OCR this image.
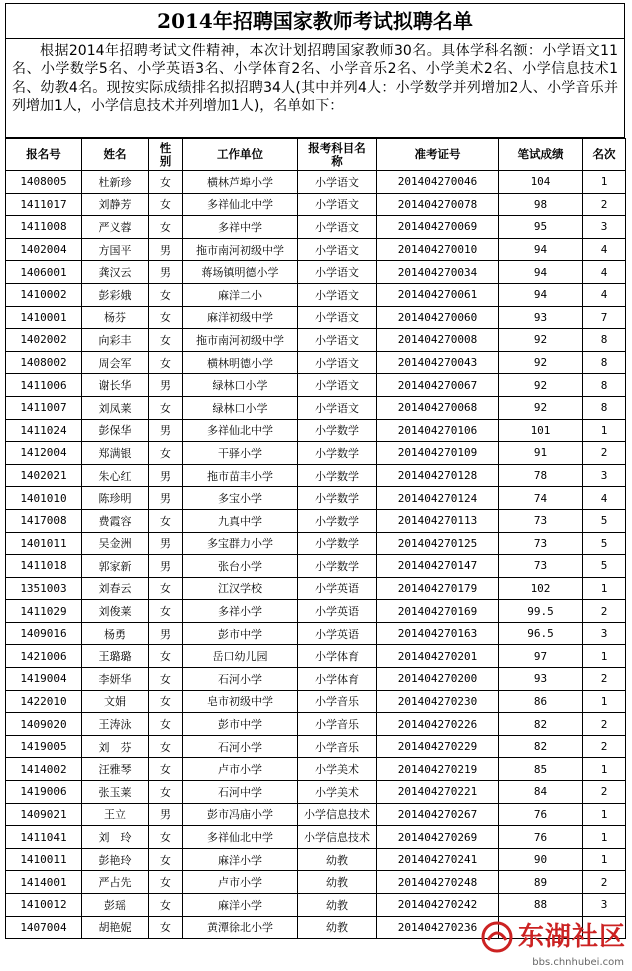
2014年招聘国家教师考试拟聘名单
根据2014年招聘考试文件精神，本次计划招聘国家教师30名。具体学科名额：小学语文11名、小学数学5名、小学英语3名、小学体育2名、小学音乐2名、小学美术2名、小学信息技术1名、幼教4名。现按实际成绩排名拟招聘34人(其中并列4人：小学数学并列增加2人、小学音乐并列增加1人，小学信息技术并列增加1人)，名单如下：
报名号	姓名	性别	工作单位	报考科目名称	准考证号	笔试成绩	名次
1408005	杜新珍	女	横林芦埠小学	小学语文	201404270046	104	1
1411017	刘静芳	女	多祥仙北中学	小学语文	201404270078	98	2
1411008	严义蓉	女	多祥中学	小学语文	201404270069	95	3
1402004	方国平	男	拖市南河初级中学	小学语文	201404270010	94	4
1406001	龚汉云	男	蒋场镇明德小学	小学语文	201404270034	94	4
1410002	彭彩娥	女	麻洋二小	小学语文	201404270061	94	4
1410001	杨芬	女	麻洋初级中学	小学语文	201404270060	93	7
1402002	向彩丰	女	拖市南河初级中学	小学语文	201404270008	92	8
1408002	周会军	女	横林明德小学	小学语文	201404270043	92	8
1411006	谢长华	男	绿林口小学	小学语文	201404270067	92	8
1411007	刘凤莱	女	绿林口小学	小学语文	201404270068	92	8
1411024	彭保华	男	多祥仙北中学	小学数学	201404270106	101	1
1412004	郑满银	女	干驿小学	小学数学	201404270109	91	2
1402021	朱心红	男	拖市苗丰小学	小学数学	201404270128	78	3
1401010	陈珍明	男	多宝小学	小学数学	201404270124	74	4
1417008	费霞容	女	九真中学	小学数学	201404270113	73	5
1401011	吴金洲	男	多宝群力小学	小学数学	201404270125	73	5
1411018	郭家新	男	张台小学	小学数学	201404270147	73	5
1351003	刘春云	女	江汉学校	小学英语	201404270179	102	1
1411029	刘俊莱	女	多祥小学	小学英语	201404270169	99.5	2
1409016	杨勇	男	彭市中学	小学英语	201404270163	96.5	3
1421006	王璐璐	女	岳口幼儿园	小学体育	201404270201	97	1
1419004	李妍华	女	石河小学	小学体育	201404270200	93	2
1422010	文娟	女	皂市初级中学	小学音乐	201404270230	86	1
1409020	王涛泳	女	彭市中学	小学音乐	201404270226	82	2
1419005	刘　芬	女	石河小学	小学音乐	201404270229	82	2
1414002	汪雅琴	女	卢市小学	小学美术	201404270219	85	1
1419006	张玉莱	女	石河中学	小学美术	201404270221	84	2
1409021	王立	男	彭市冯庙小学	小学信息技术	201404270267	76	1
1411041	刘　玲	女	多祥仙北中学	小学信息技术	201404270269	76	1
1410011	彭艳玲	女	麻洋小学	幼教	201404270241	90	1
1414001	严占先	女	卢市小学	幼教	201404270248	89	2
1410012	彭瑶	女	麻洋小学	幼教	201404270242	88	3
1407004	胡艳妮	女	黄潭徐北小学	幼教	201404270236		东湖社区
bbs.chnhubei.com
